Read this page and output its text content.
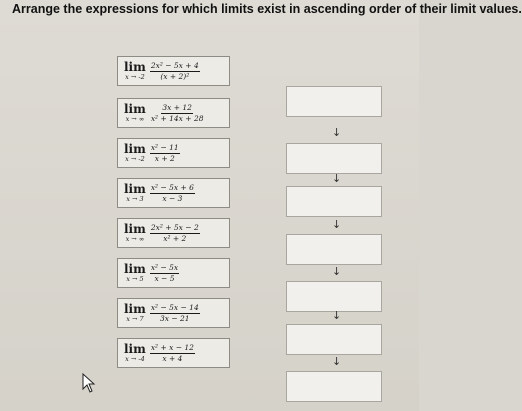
Arrange the expressions for which limits exist in ascending order of their limit values.
lim
$x \to -2 \frac{\text{2x² − 5x + 4}}{\text{(x + 2)²}}$
lim
x → ∞ $\frac{3x + 12}{\text{x² + 14x + 28}}$
lim
$x \to -2 \frac{\text{x² − 11}}{x + 2}$
lim
$x \to 3 \frac{\text{x² − 5x + 6}}{x - 3}$
lim
x → ∞ $\frac{\text{2x² + 5x − 2}}{\text{x² + 2}}$
lim
$x \to 5 \frac{\text{x² − 5x}}{x - 5}$
lim
$x \to 7 \frac{\text{x² − 5x − 14}}{3x - 21}$
lim
$x \to -4 \frac{\text{x² + x − 12}}{x + 4}$
↓
↓
↓
↓
↓
↓
